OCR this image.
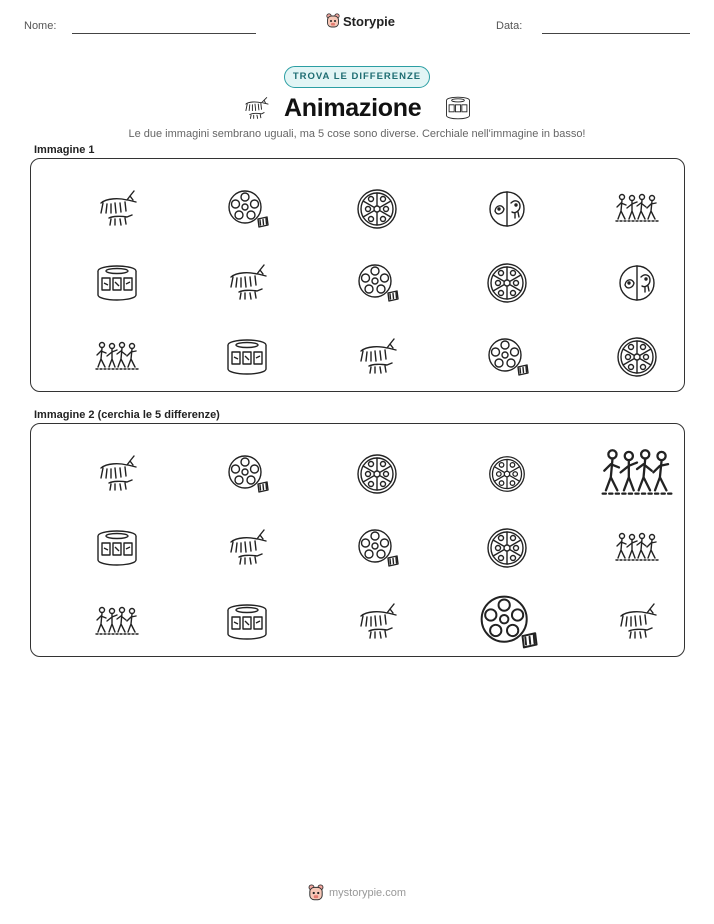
Nome:	Storypie	Data:
TROVA LE DIFFERENZE
Animazione
Le due immagini sembrano uguali, ma 5 cose sono diverse. Cerchiale nell'immagine in basso!
Immagine 1
Immagine 2 (cerchia le 5 differenze)
mystorypie.com
